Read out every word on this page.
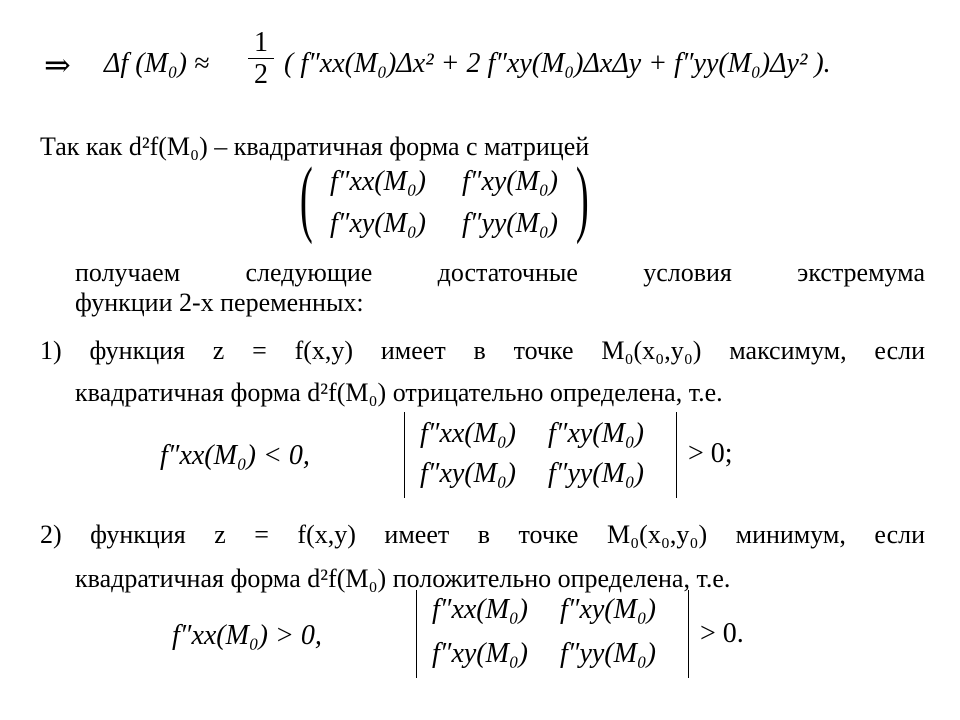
⇒ Δf (M₀) ≈
1
2 ( f″xx(M₀)Δx² + 2 f″xy(M₀)ΔxΔy + f″yy(M₀)Δy² ).
Так как d²f(M₀) – квадратичная форма с матрицей
( f″xx(M₀) f″xy(M₀)
f″xy(M₀) f″yy(M₀) )
получаем следующие достаточные условия экстремума
функции 2-х переменных:
1) функция z = f(x,y) имеет в точке M₀(x₀,y₀) максимум, если
квадратичная форма d²f(M₀) отрицательно определена, т.е.
f″xx(M₀) < 0,
f″xx(M₀) f″xy(M₀)
f″xy(M₀) f″yy(M₀)
> 0;
2) функция z = f(x,y) имеет в точке M₀(x₀,y₀) минимум, если
квадратичная форма d²f(M₀) положительно определена, т.е.
f″xx(M₀) > 0,
f″xx(M₀) f″xy(M₀)
f″xy(M₀) f″yy(M₀)
> 0.
